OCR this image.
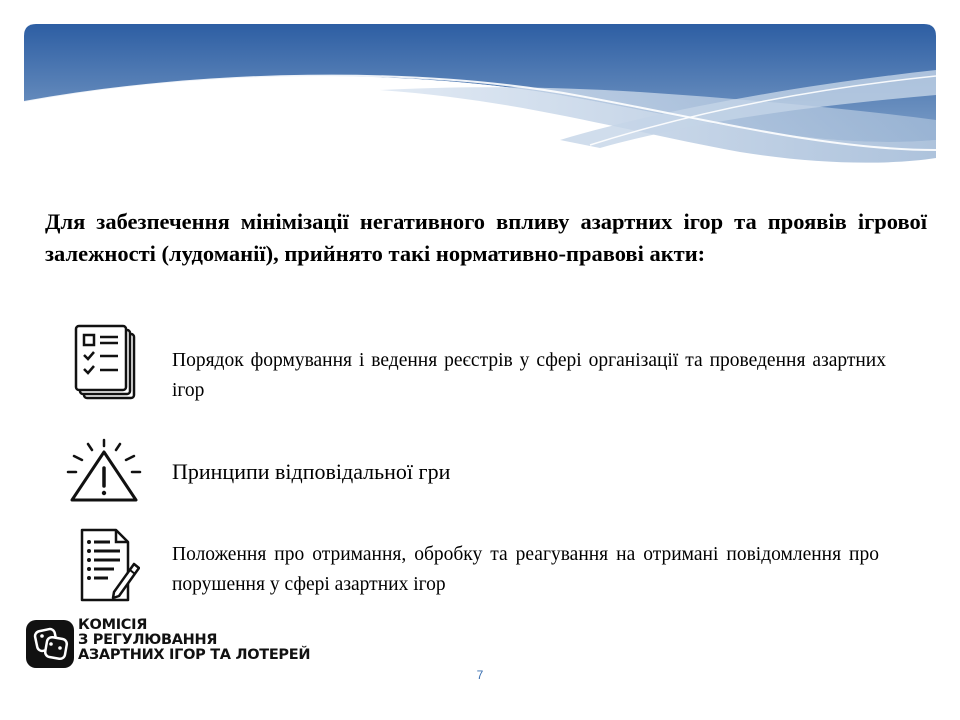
Для забезпечення мінімізації негативного впливу азартних ігор та проявів ігрової залежності (лудоманії), прийнято такі нормативно-правові акти:
Порядок формування і ведення реєстрів у сфері організації та проведення азартних ігор
Принципи відповідальної гри
Положення про отримання, обробку та реагування на отримані повідомлення про порушення у сфері азартних ігор
КОМІСІЯ
З РЕГУЛЮВАННЯ
АЗАРТНИХ ІГОР ТА ЛОТЕРЕЙ
7
